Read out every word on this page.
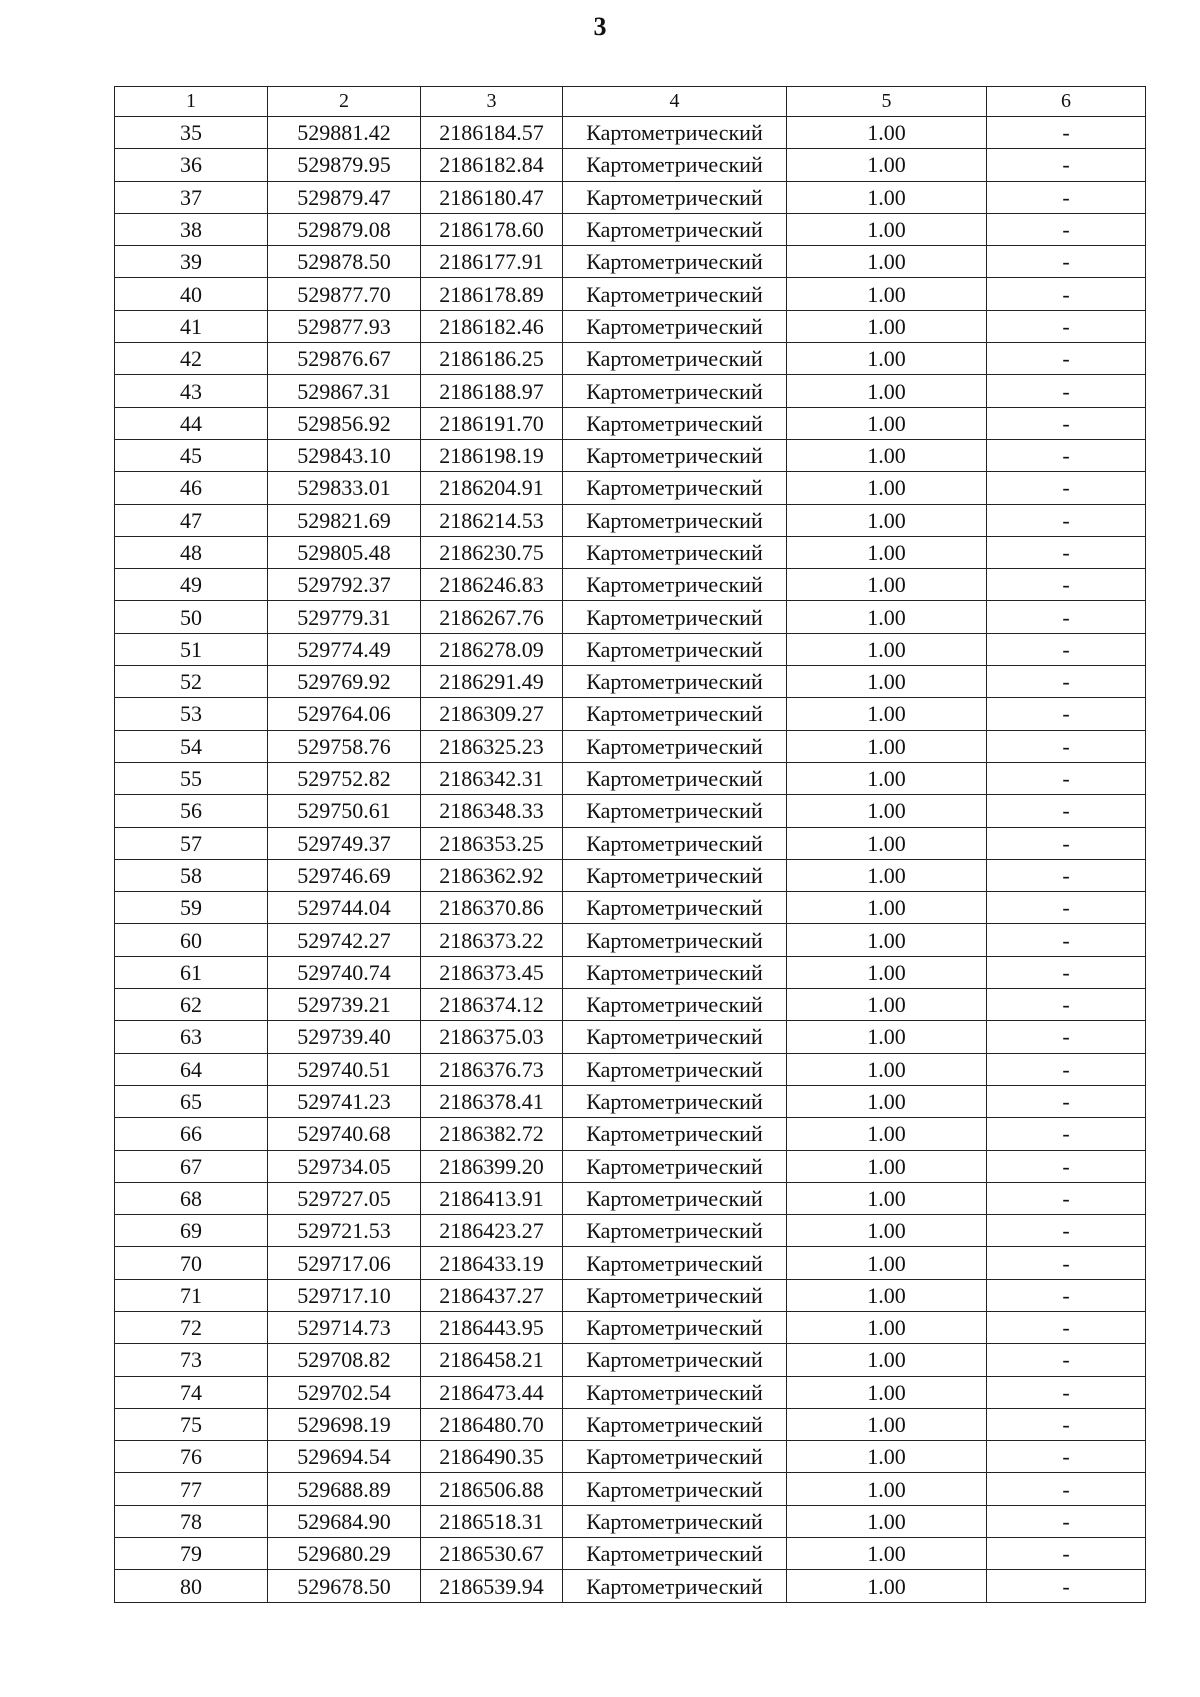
3
1	2	3	4	5	6
35	529881.42	2186184.57	Картометрический	1.00	-
36	529879.95	2186182.84	Картометрический	1.00	-
37	529879.47	2186180.47	Картометрический	1.00	-
38	529879.08	2186178.60	Картометрический	1.00	-
39	529878.50	2186177.91	Картометрический	1.00	-
40	529877.70	2186178.89	Картометрический	1.00	-
41	529877.93	2186182.46	Картометрический	1.00	-
42	529876.67	2186186.25	Картометрический	1.00	-
43	529867.31	2186188.97	Картометрический	1.00	-
44	529856.92	2186191.70	Картометрический	1.00	-
45	529843.10	2186198.19	Картометрический	1.00	-
46	529833.01	2186204.91	Картометрический	1.00	-
47	529821.69	2186214.53	Картометрический	1.00	-
48	529805.48	2186230.75	Картометрический	1.00	-
49	529792.37	2186246.83	Картометрический	1.00	-
50	529779.31	2186267.76	Картометрический	1.00	-
51	529774.49	2186278.09	Картометрический	1.00	-
52	529769.92	2186291.49	Картометрический	1.00	-
53	529764.06	2186309.27	Картометрический	1.00	-
54	529758.76	2186325.23	Картометрический	1.00	-
55	529752.82	2186342.31	Картометрический	1.00	-
56	529750.61	2186348.33	Картометрический	1.00	-
57	529749.37	2186353.25	Картометрический	1.00	-
58	529746.69	2186362.92	Картометрический	1.00	-
59	529744.04	2186370.86	Картометрический	1.00	-
60	529742.27	2186373.22	Картометрический	1.00	-
61	529740.74	2186373.45	Картометрический	1.00	-
62	529739.21	2186374.12	Картометрический	1.00	-
63	529739.40	2186375.03	Картометрический	1.00	-
64	529740.51	2186376.73	Картометрический	1.00	-
65	529741.23	2186378.41	Картометрический	1.00	-
66	529740.68	2186382.72	Картометрический	1.00	-
67	529734.05	2186399.20	Картометрический	1.00	-
68	529727.05	2186413.91	Картометрический	1.00	-
69	529721.53	2186423.27	Картометрический	1.00	-
70	529717.06	2186433.19	Картометрический	1.00	-
71	529717.10	2186437.27	Картометрический	1.00	-
72	529714.73	2186443.95	Картометрический	1.00	-
73	529708.82	2186458.21	Картометрический	1.00	-
74	529702.54	2186473.44	Картометрический	1.00	-
75	529698.19	2186480.70	Картометрический	1.00	-
76	529694.54	2186490.35	Картометрический	1.00	-
77	529688.89	2186506.88	Картометрический	1.00	-
78	529684.90	2186518.31	Картометрический	1.00	-
79	529680.29	2186530.67	Картометрический	1.00	-
80	529678.50	2186539.94	Картометрический	1.00	-
